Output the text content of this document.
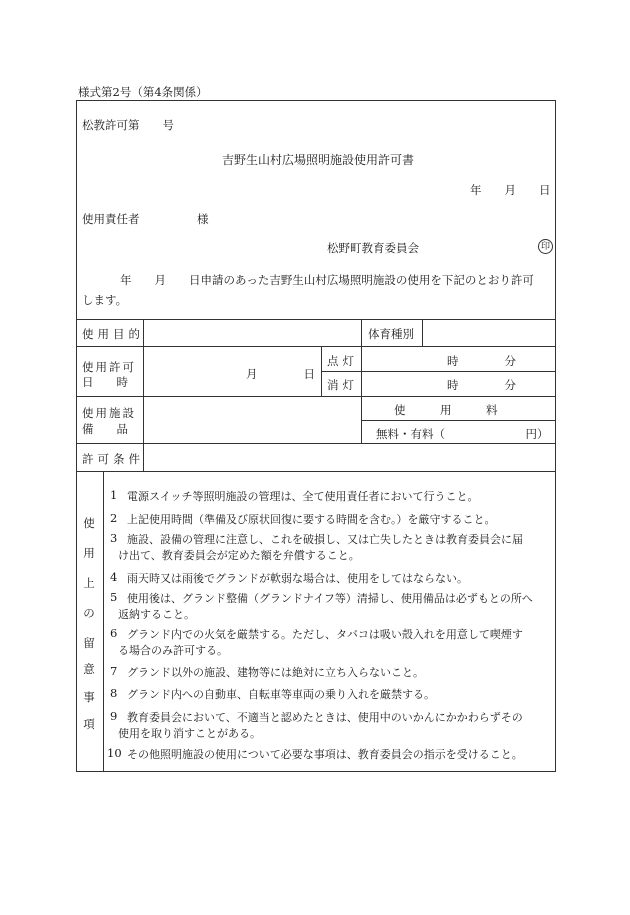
様式第2号（第4条関係）
松教許可第　　号
吉野生山村広場照明施設使用許可書
年　　月　　日
使用責任者　　　　　様
松野町教育委員会	印
年　　月　　日申請のあった吉野生山村広場照明施設の使用を下記のとおり許可
します。
使用目的	体育種別
使用許可
日　　時
月　　　　日
点灯
消灯
時　　　　分
時　　　　分
使用施設
備　　品
使　　　用　　　料
無料・有料（　　　　　　　円）
許可条件
使
用
上
の
留
意
事
項
1 電源スイッチ等照明施設の管理は、全て使用責任者において行うこと。
2 上記使用時間（準備及び原状回復に要する時間を含む。）を厳守すること。
3 施設、設備の管理に注意し、これを破損し、又は亡失したときは教育委員会に届
け出て、教育委員会が定めた額を弁償すること。
4 雨天時又は雨後でグランドが軟弱な場合は、使用をしてはならない。
5 使用後は、グランド整備（グランドナイフ等）清掃し、使用備品は必ずもとの所へ
返納すること。
6 グランド内での火気を厳禁する。ただし、タバコは吸い殻入れを用意して喫煙す
る場合のみ許可する。
7 グランド以外の施設、建物等には絶対に立ち入らないこと。
8 グランド内への自動車、自転車等車両の乗り入れを厳禁する。
9 教育委員会において、不適当と認めたときは、使用中のいかんにかかわらずその
使用を取り消すことがある。
10 その他照明施設の使用について必要な事項は、教育委員会の指示を受けること。
